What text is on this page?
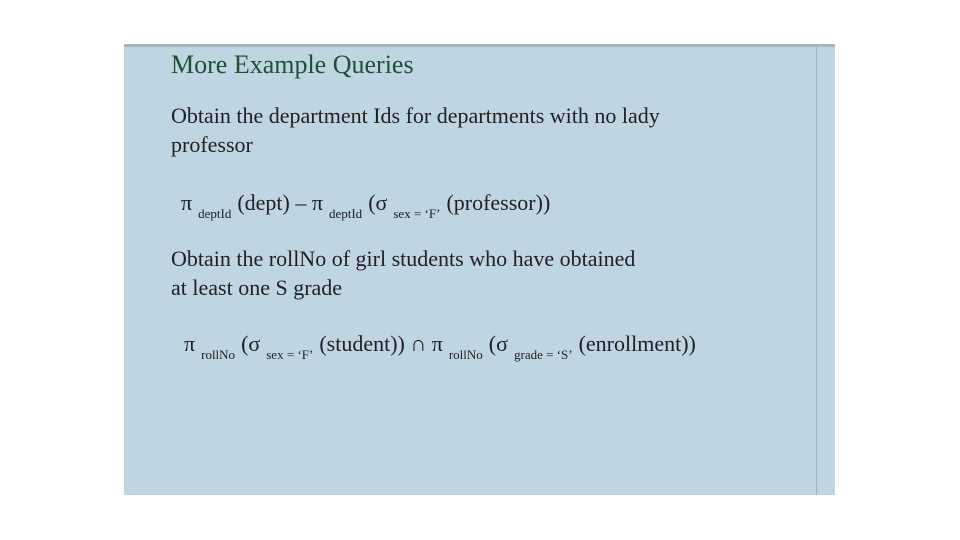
More Example Queries
Obtain the department Ids for departments with no lady
professor
π $_{deptId}$ (dept) – π $_{deptId}$ (σ $_{sex = ‘F’}$ (professor))
Obtain the rollNo of girl students who have obtained
at least one S grade
π $_{rollNo}$ (σ $_{sex = ‘F’}$ (student)) ∩ π $_{rollNo}$ (σ $_{grade = ‘S’}$ (enrollment))
